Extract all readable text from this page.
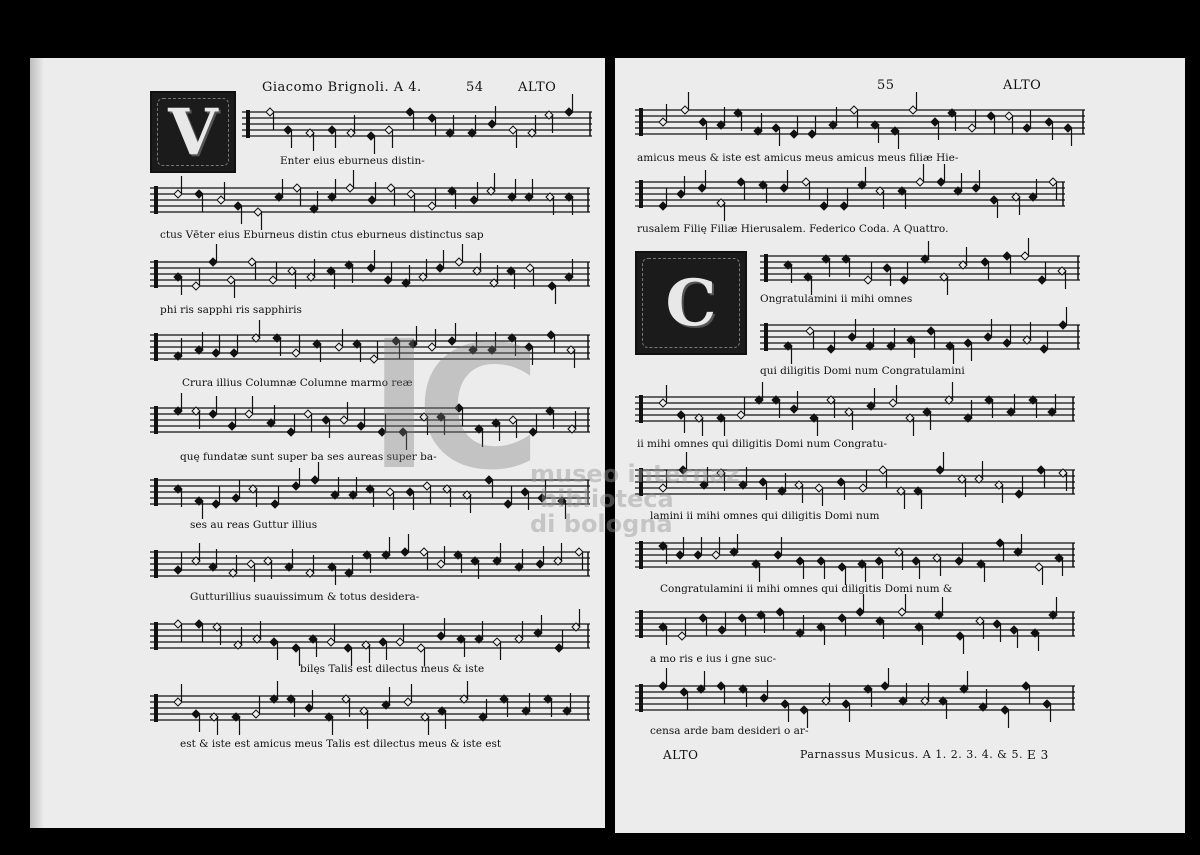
Giacomo Brignoli. A 4.	54	ALTO
V	Enter eius eburneus distin-
ctus Vēter eius Eburneus distin ctus eburneus distinctus sap
phi ris sapphi ris sapphiris
Crura illius Columnæ Columne marmo reæ
quę fundatæ sunt super ba ses aureas super ba-
ses au reas Guttur illius
Gutturillius suauissimum & totus desidera-
bilęs Talis est dilectus meus & iste
est & iste est amicus meus Talis est dilectus meus & iste est
55	ALTO
C
amicus meus & iste est amicus meus amicus meus filiæ Hie-
rusalem Filię Filiæ Hierusalem. Federico Coda. A Quattro.
Ongratulamini ii mihi omnes
qui diligitis Domi num Congratulamini
ii mihi omnes qui diligitis Domi num Congratu-
lamini ii mihi omnes qui diligitis Domi num
Congratulamini ii mihi omnes qui diligitis Domi num &
a mo ris e ius i gne suc-
censa arde bam desideri o ar-
ALTO	Parnassus Musicus. A 1. 2. 3. 4. & 5. E 3
lC museo internaz
biblioteca
di bologna
